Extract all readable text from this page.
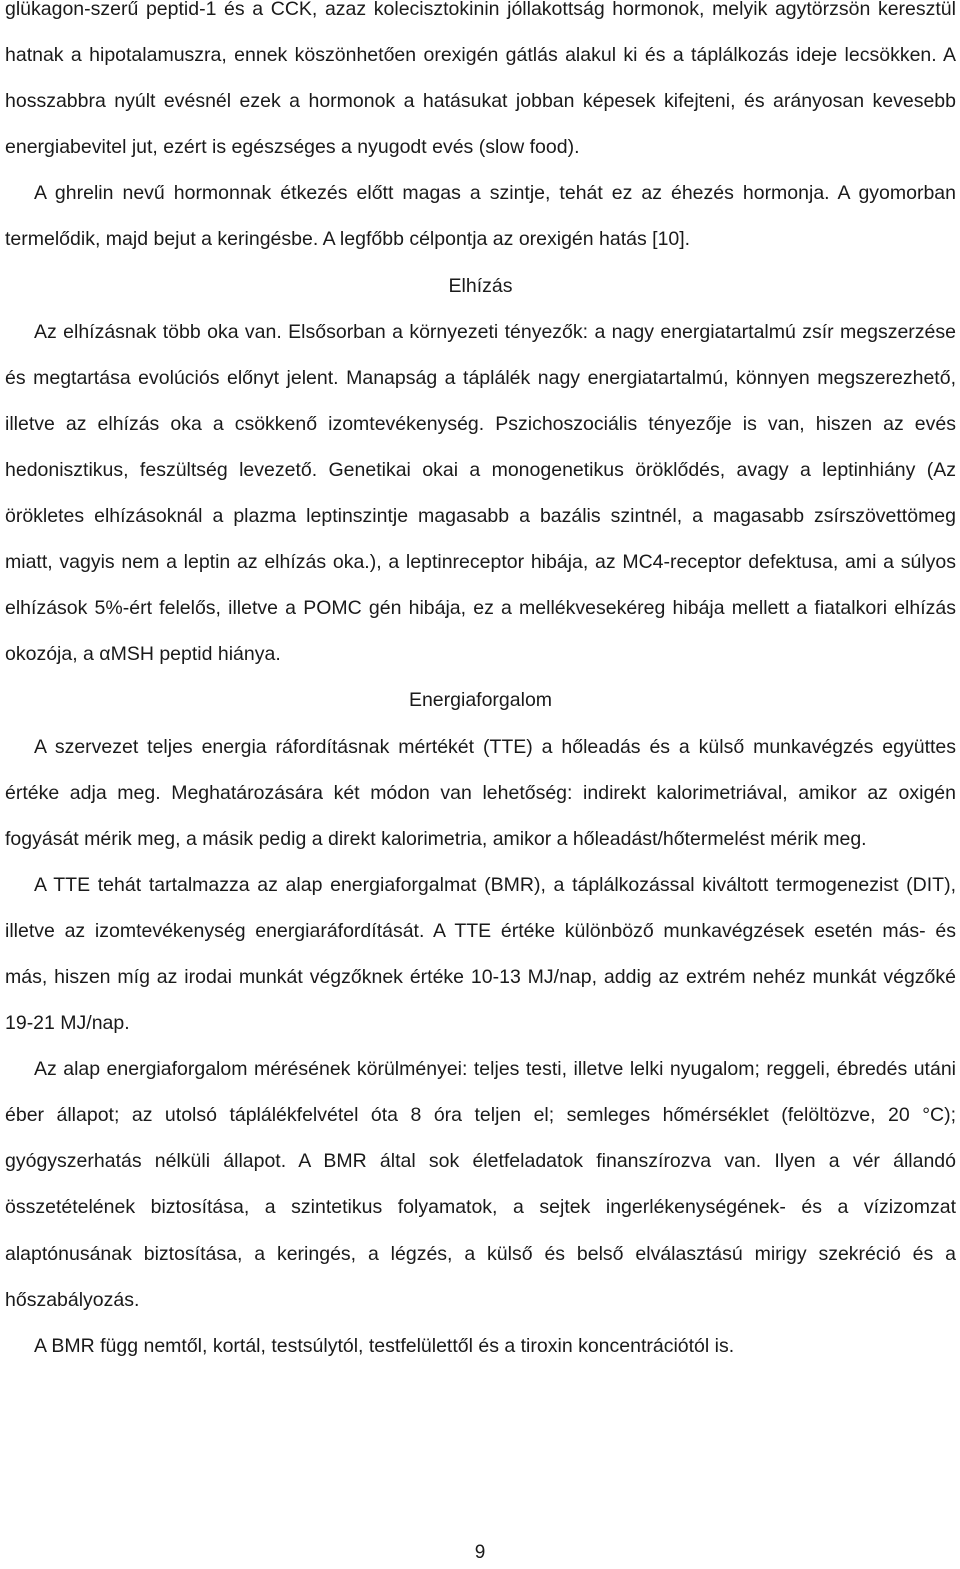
glükagon-szerű peptid-1 és a CCK, azaz kolecisztokinin jóllakottság hormonok, melyik agytörzsön keresztül hatnak a hipotalamuszra, ennek köszönhetően orexigén gátlás alakul ki és a táplálkozás ideje lecsökken. A hosszabbra nyúlt evésnél ezek a hormonok a hatásukat jobban képesek kifejteni, és arányosan kevesebb energiabevitel jut, ezért is egészséges a nyugodt evés (slow food).

A ghrelin nevű hormonnak étkezés előtt magas a szintje, tehát ez az éhezés hormonja. A gyomorban termelődik, majd bejut a keringésbe. A legfőbb célpontja az orexigén hatás [10].

Elhízás

Az elhízásnak több oka van. Elsősorban a környezeti tényezők: a nagy energiatartalmú zsír megszerzése és megtartása evolúciós előnyt jelent. Manapság a táplálék nagy energiatartalmú, könnyen megszerezhető, illetve az elhízás oka a csökkenő izomtevékenység. Pszichoszociális tényezője is van, hiszen az evés hedonisztikus, feszültség levezető. Genetikai okai a monogenetikus öröklődés, avagy a leptinhiány (Az örökletes elhízásoknál a plazma leptinszintje magasabb a bazális szintnél, a magasabb zsírszövettömeg miatt, vagyis nem a leptin az elhízás oka.), a leptinreceptor hibája, az MC4-receptor defektusa, ami a súlyos elhízások 5%-ért felelős, illetve a POMC gén hibája, ez a mellékvesekéreg hibája mellett a fiatalkori elhízás okozója, a αMSH peptid hiánya.

Energiaforgalom

A szervezet teljes energia ráfordításnak mértékét (TTE) a hőleadás és a külső munkavégzés együttes értéke adja meg. Meghatározására két módon van lehetőség: indirekt kalorimetriával, amikor az oxigén fogyását mérik meg, a másik pedig a direkt kalorimetria, amikor a hőleadást/hőtermelést mérik meg.

A TTE tehát tartalmazza az alap energiaforgalmat (BMR), a táplálkozással kiváltott termogenezist (DIT), illetve az izomtevékenység energiaráfordítását. A TTE értéke különböző munkavégzések esetén más- és más, hiszen míg az irodai munkát végzőknek értéke 10-13 MJ/nap, addig az extrém nehéz munkát végzőké 19-21 MJ/nap.

Az alap energiaforgalom mérésének körülményei: teljes testi, illetve lelki nyugalom; reggeli, ébredés utáni éber állapot; az utolsó táplálékfelvétel óta 8 óra teljen el; semleges hőmérséklet (felöltözve, 20 °C); gyógyszerhatás nélküli állapot. A BMR által sok életfeladatok finanszírozva van. Ilyen a vér állandó összetételének biztosítása, a szintetikus folyamatok, a sejtek ingerlékenységének- és a vízizomzat alaptónusának biztosítása, a keringés, a légzés, a külső és belső elválasztású mirigy szekréció és a hőszabályozás.

A BMR függ nemtől, kortál, testsúlytól, testfelülettől és a tiroxin koncentrációtól is.

9
